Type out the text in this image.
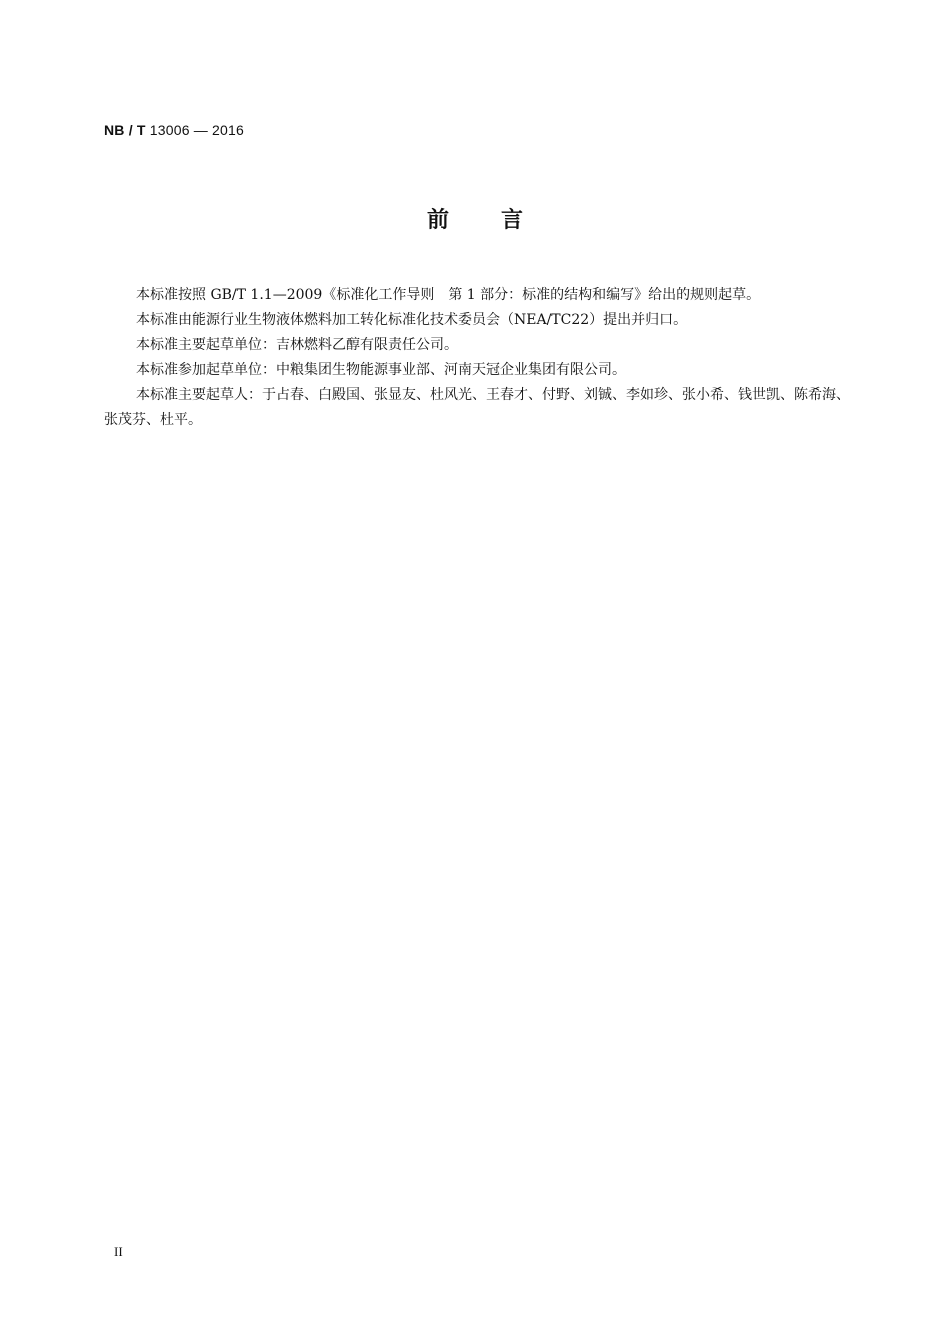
NB / T 13006 — 2016
前言

本标准按照 GB/T 1.1—2009《标准化工作导则　第 1 部分：标准的结构和编写》给出的规则起草。

本标准由能源行业生物液体燃料加工转化标准化技术委员会（NEA/TC22）提出并归口。

本标准主要起草单位：吉林燃料乙醇有限责任公司。

本标准参加起草单位：中粮集团生物能源事业部、河南天冠企业集团有限公司。

本标准主要起草人：于占春、白殿国、张显友、杜风光、王春才、付野、刘铖、李如珍、张小希、钱世凯、陈希海、张茂芬、杜平。

II
